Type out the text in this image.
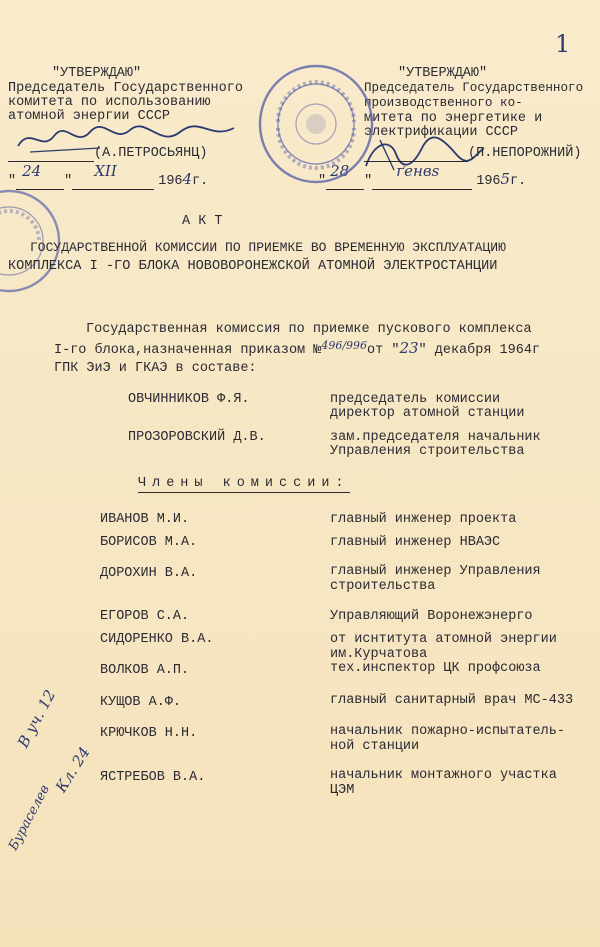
1
"УТВЕРЖДАЮ"
Председатель Государственного
комитета по использованию
атомной энергии СССР
(А.ПЕТРОСЬЯНЦ)
"
24
"
XII
1964г.
"УТВЕРЖДАЮ"
Председатель Государственного производственного ко-
митета по энергетике и
электрификации СССР
(П.НЕПОРОЖНИЙ)
"
28
"
ґенвs
1965г.
А К Т
ГОСУДАРСТВЕННОЙ КОМИССИИ ПО ПРИЕМКЕ ВО ВРЕМЕННУЮ ЭКСПЛУАТАЦИЮ
КОМПЛЕКСА I -ГО БЛОКА НОВОВОРОНЕЖСКОЙ АТОМНОЙ ЭЛЕКТРОСТАНЦИИ
Государственная комиссия по приемке пускового комплекса
I-го блока,назначенная приказом №$^{496/996}$от "23" декабря 1964г
ГПК ЭиЭ и ГКАЭ в составе:
ОВЧИННИКОВ Ф.Я.	председатель комиссии
директор атомной станции
ПРОЗОРОВСКИЙ Д.В.	зам.председателя начальник
Управления строительства
Члены комиссии:
ИВАНОВ М.И.	главный инженер проекта
БОРИСОВ М.А.	главный инженер НВАЭС
ДОРОХИН В.А.	главный инженер Управления
строительства
ЕГОРОВ С.А.	Управляющий Воронежэнерго
СИДОРЕНКО В.А.	от иснтитута атомной энергии
им.Курчатова
ВОЛКОВ А.П.	тех.инспектор ЦК профсоюза
КУЩОВ А.Ф.	главный санитарный врач МС-433
КРЮЧКОВ Н.Н.	начальник пожарно-испытатель-
ной станции
ЯСТРЕБОВ В.А.	начальник монтажного участка
ЦЭМ
В уч. 12
Кл. 24
Бураселев
